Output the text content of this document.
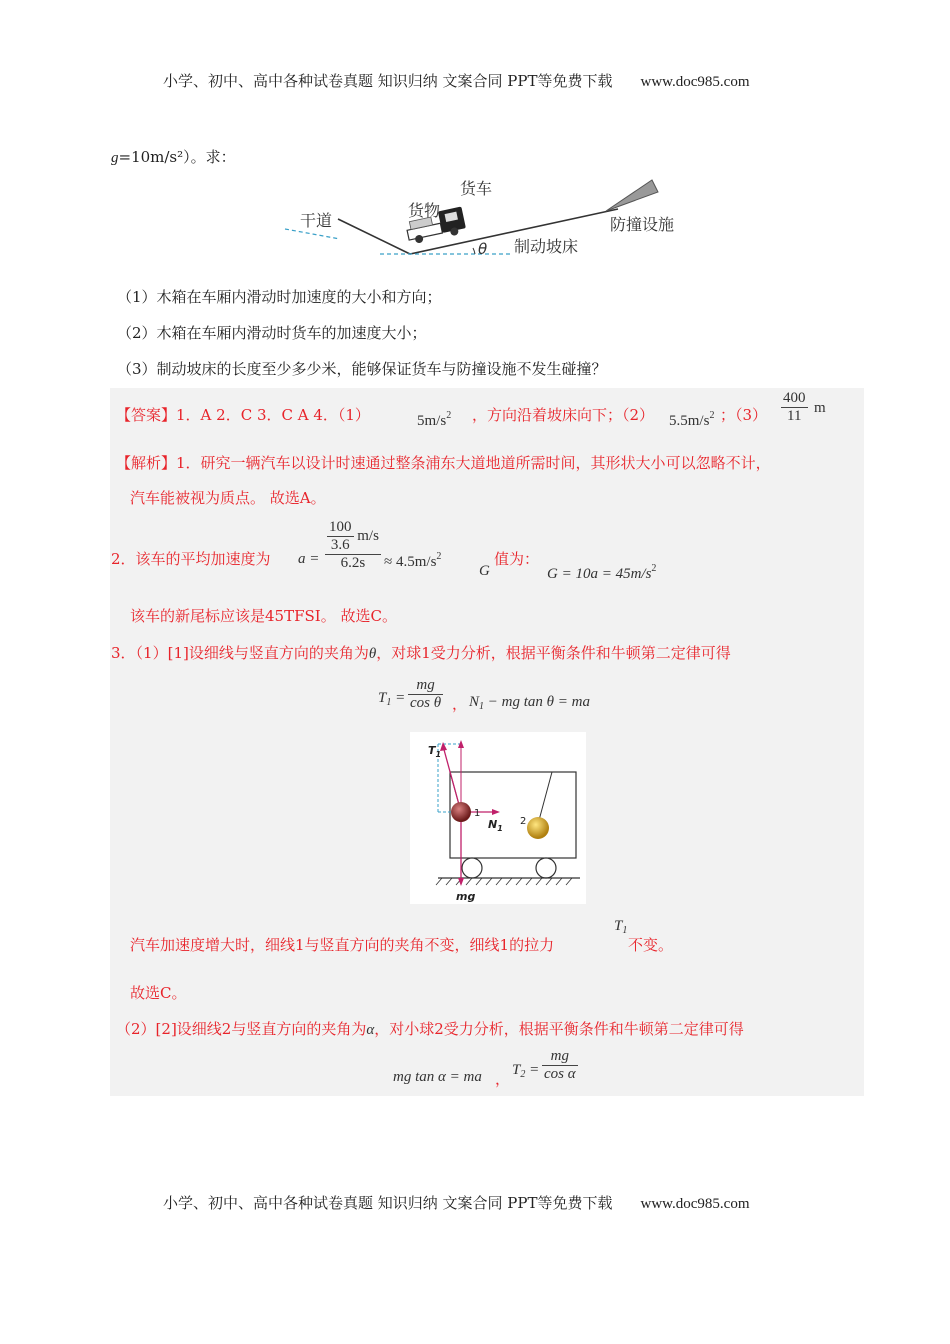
小学、初中、高中各种试卷真题 知识归纳 文案合同 PPT等免费下载 www.doc985.com
g=10m/s²）。求：
干道
货物
货车
防撞设施
制动坡床
θ
（1）木箱在车厢内滑动时加速度的大小和方向；
（2）木箱在车厢内滑动时货车的加速度大小；
（3）制动坡床的长度至少多少米，能够保证货车与防撞设施不发生碰撞？
【答案】1．A 2．C 3．C A 4．（1）	$5m/s^2$ ，方向沿着坡床向下；（2） $5.5m/s^2$ ；$(3) \frac{400}{11}$ m
【解析】1．研究一辆汽车以设计时速通过整条浦东大道地道所需时间，其形状大小可以忽略不计，
汽车能被视为质点。 故选A。
2．该车的平均加速度为 $a = \frac{\frac{100}{3.6} m/s}{6.2s} \approx 4.5m/s^2$
G
值为：
$G = 10a = 45m/s^2$
该车的新尾标应该是45TFSI。 故选C。
3．（1）[1]设细线与竖直方向的夹角为θ，对球1受力分析，根据平衡条件和牛顿第二定律可得
$T_1 = \frac{mg}{\text{cos θ}}$ ， $N_1$ − mg tan θ = ma
$T_1$
1
2
$N_1$
mg
汽车加速度增大时，细线1与竖直方向的夹角不变，细线1的拉力
$T_1$
不变。
故选C。
（2）[2]设细线2与竖直方向的夹角为α，对小球2受力分析，根据平衡条件和牛顿第二定律可得
mg tan α = ma ， $T_2 = \frac{mg}{\text{cos α}}$
小学、初中、高中各种试卷真题 知识归纳 文案合同 PPT等免费下载 www.doc985.com
